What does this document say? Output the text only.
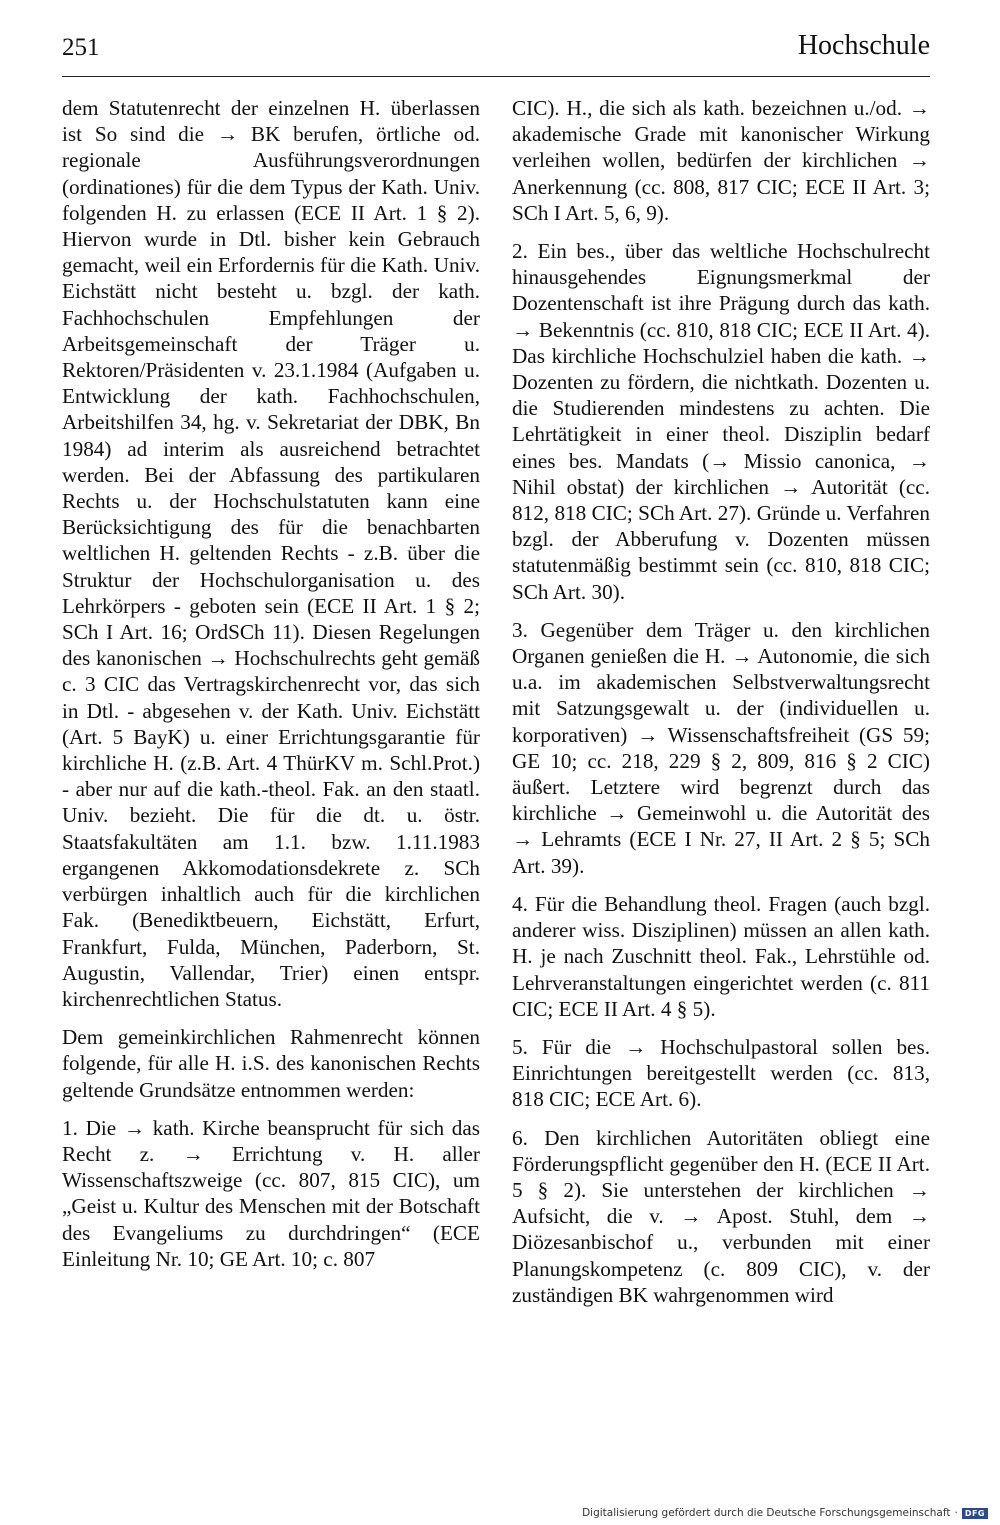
251	Hochschule

dem Statutenrecht der einzelnen H. überlassen ist So sind die → BK berufen, örtliche od. regionale Ausführungsverordnungen (ordinationes) für die dem Typus der Kath. Univ. folgenden H. zu erlassen (ECE II Art. 1 § 2). Hiervon wurde in Dtl. bisher kein Gebrauch gemacht, weil ein Erfordernis für die Kath. Univ. Eichstätt nicht besteht u. bzgl. der kath. Fachhochschulen Empfehlungen der Arbeitsgemeinschaft der Träger u. Rektoren/Präsidenten v. 23.1.1984 (Aufgaben u. Entwicklung der kath. Fachhochschulen, Arbeitshilfen 34, hg. v. Sekretariat der DBK, Bn 1984) ad interim als ausreichend betrachtet werden. Bei der Abfassung des partikularen Rechts u. der Hochschulstatuten kann eine Berücksichtigung des für die benachbarten weltlichen H. geltenden Rechts - z.B. über die Struktur der Hochschulorganisation u. des Lehrkörpers - geboten sein (ECE II Art. 1 § 2; SCh I Art. 16; OrdSCh 11). Diesen Regelungen des kanonischen → Hochschulrechts geht gemäß c. 3 CIC das Vertragskirchenrecht vor, das sich in Dtl. - abgesehen v. der Kath. Univ. Eichstätt (Art. 5 BayK) u. einer Errichtungsgarantie für kirchliche H. (z.B. Art. 4 ThürKV m. Schl.Prot.) - aber nur auf die kath.-theol. Fak. an den staatl. Univ. bezieht. Die für die dt. u. östr. Staatsfakultäten am 1.1. bzw. 1.11.1983 ergangenen Akkomodationsdekrete z. SCh verbürgen inhaltlich auch für die kirchlichen Fak. (Benediktbeuern, Eichstätt, Erfurt, Frankfurt, Fulda, München, Paderborn, St. Augustin, Vallendar, Trier) einen entspr. kirchenrechtlichen Status.

Dem gemeinkirchlichen Rahmenrecht können folgende, für alle H. i.S. des kanonischen Rechts geltende Grundsätze entnommen werden:

1. Die → kath. Kirche beansprucht für sich das Recht z. → Errichtung v. H. aller Wissenschaftszweige (cc. 807, 815 CIC), um „Geist u. Kultur des Menschen mit der Botschaft des Evangeliums zu durchdringen“ (ECE Einleitung Nr. 10; GE Art. 10; c. 807

CIC). H., die sich als kath. bezeichnen u./od. → akademische Grade mit kanonischer Wirkung verleihen wollen, bedürfen der kirchlichen → Anerkennung (cc. 808, 817 CIC; ECE II Art. 3; SCh I Art. 5, 6, 9).

2. Ein bes., über das weltliche Hochschulrecht hinausgehendes Eignungsmerkmal der Dozentenschaft ist ihre Prägung durch das kath. → Bekenntnis (cc. 810, 818 CIC; ECE II Art. 4). Das kirchliche Hochschulziel haben die kath. → Dozenten zu fördern, die nichtkath. Dozenten u. die Studierenden mindestens zu achten. Die Lehrtätigkeit in einer theol. Disziplin bedarf eines bes. Mandats (→ Missio canonica, → Nihil obstat) der kirchlichen → Autorität (cc. 812, 818 CIC; SCh Art. 27). Gründe u. Verfahren bzgl. der Abberufung v. Dozenten müssen statutenmäßig bestimmt sein (cc. 810, 818 CIC; SCh Art. 30).

3. Gegenüber dem Träger u. den kirchlichen Organen genießen die H. → Autonomie, die sich u.a. im akademischen Selbstverwaltungsrecht mit Satzungsgewalt u. der (individuellen u. korporativen) → Wissenschaftsfreiheit (GS 59; GE 10; cc. 218, 229 § 2, 809, 816 § 2 CIC) äußert. Letztere wird begrenzt durch das kirchliche → Gemeinwohl u. die Autorität des → Lehramts (ECE I Nr. 27, II Art. 2 § 5; SCh Art. 39).

4. Für die Behandlung theol. Fragen (auch bzgl. anderer wiss. Disziplinen) müssen an allen kath. H. je nach Zuschnitt theol. Fak., Lehrstühle od. Lehrveranstaltungen eingerichtet werden (c. 811 CIC; ECE II Art. 4 § 5).

5. Für die → Hochschulpastoral sollen bes. Einrichtungen bereitgestellt werden (cc. 813, 818 CIC; ECE Art. 6).

6. Den kirchlichen Autoritäten obliegt eine Förderungspflicht gegenüber den H. (ECE II Art. 5 § 2). Sie unterstehen der kirchlichen → Aufsicht, die v. → Apost. Stuhl, dem → Diözesanbischof u., verbunden mit einer Planungskompetenz (c. 809 CIC), v. der zuständigen BK wahrgenommen wird

Digitalisierung gefördert durch die Deutsche Forschungsgemeinschaft · DFG
